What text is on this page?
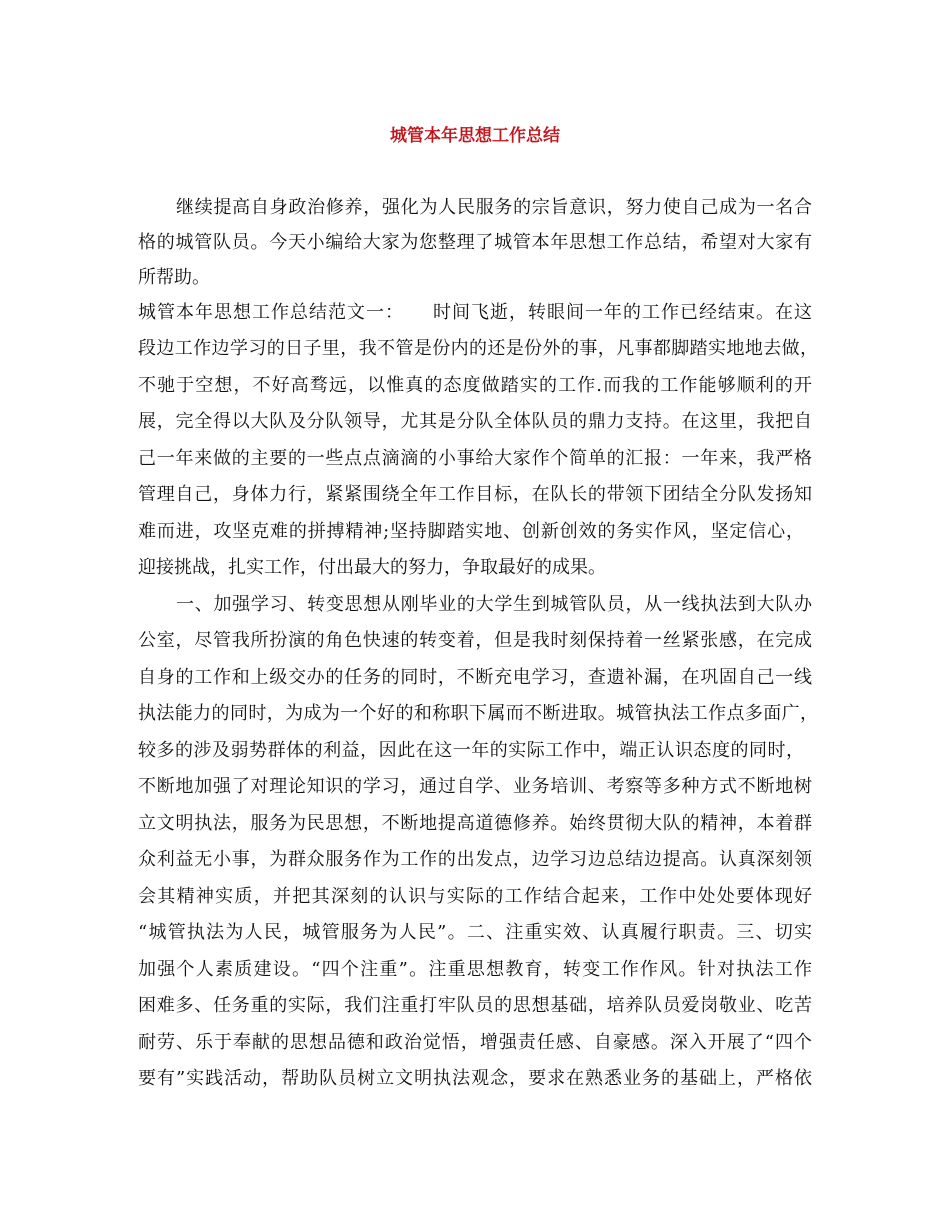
城管本年思想工作总结
继续提高自身政治修养，强化为人民服务的宗旨意识，努力使自己成为一名合
格的城管队员。今天小编给大家为您整理了城管本年思想工作总结，希望对大家有
所帮助。
城管本年思想工作总结范文一：　　时间飞逝，转眼间一年的工作已经结束。在这
段边工作边学习的日子里，我不管是份内的还是份外的事，凡事都脚踏实地地去做，
不驰于空想，不好高骛远，以惟真的态度做踏实的工作.而我的工作能够顺利的开
展，完全得以大队及分队领导，尤其是分队全体队员的鼎力支持。在这里，我把自
己一年来做的主要的一些点点滴滴的小事给大家作个简单的汇报：一年来，我严格
管理自己，身体力行，紧紧围绕全年工作目标，在队长的带领下团结全分队发扬知
难而进，攻坚克难的拼搏精神;坚持脚踏实地、创新创效的务实作风，坚定信心，
迎接挑战，扎实工作，付出最大的努力，争取最好的成果。
一、加强学习、转变思想从刚毕业的大学生到城管队员，从一线执法到大队办
公室，尽管我所扮演的角色快速的转变着，但是我时刻保持着一丝紧张感，在完成
自身的工作和上级交办的任务的同时，不断充电学习，查遗补漏，在巩固自己一线
执法能力的同时，为成为一个好的和称职下属而不断进取。城管执法工作点多面广，
较多的涉及弱势群体的利益，因此在这一年的实际工作中，端正认识态度的同时，
不断地加强了对理论知识的学习，通过自学、业务培训、考察等多种方式不断地树
立文明执法，服务为民思想，不断地提高道德修养。始终贯彻大队的精神，本着群
众利益无小事，为群众服务作为工作的出发点，边学习边总结边提高。认真深刻领
会其精神实质，并把其深刻的认识与实际的工作结合起来，工作中处处要体现好
“城管执法为人民，城管服务为人民”。二、注重实效、认真履行职责。三、切实
加强个人素质建设。“四个注重”。注重思想教育，转变工作作风。针对执法工作
困难多、任务重的实际，我们注重打牢队员的思想基础，培养队员爱岗敬业、吃苦
耐劳、乐于奉献的思想品德和政治觉悟，增强责任感、自豪感。深入开展了“四个
要有”实践活动，帮助队员树立文明执法观念，要求在熟悉业务的基础上，严格依
